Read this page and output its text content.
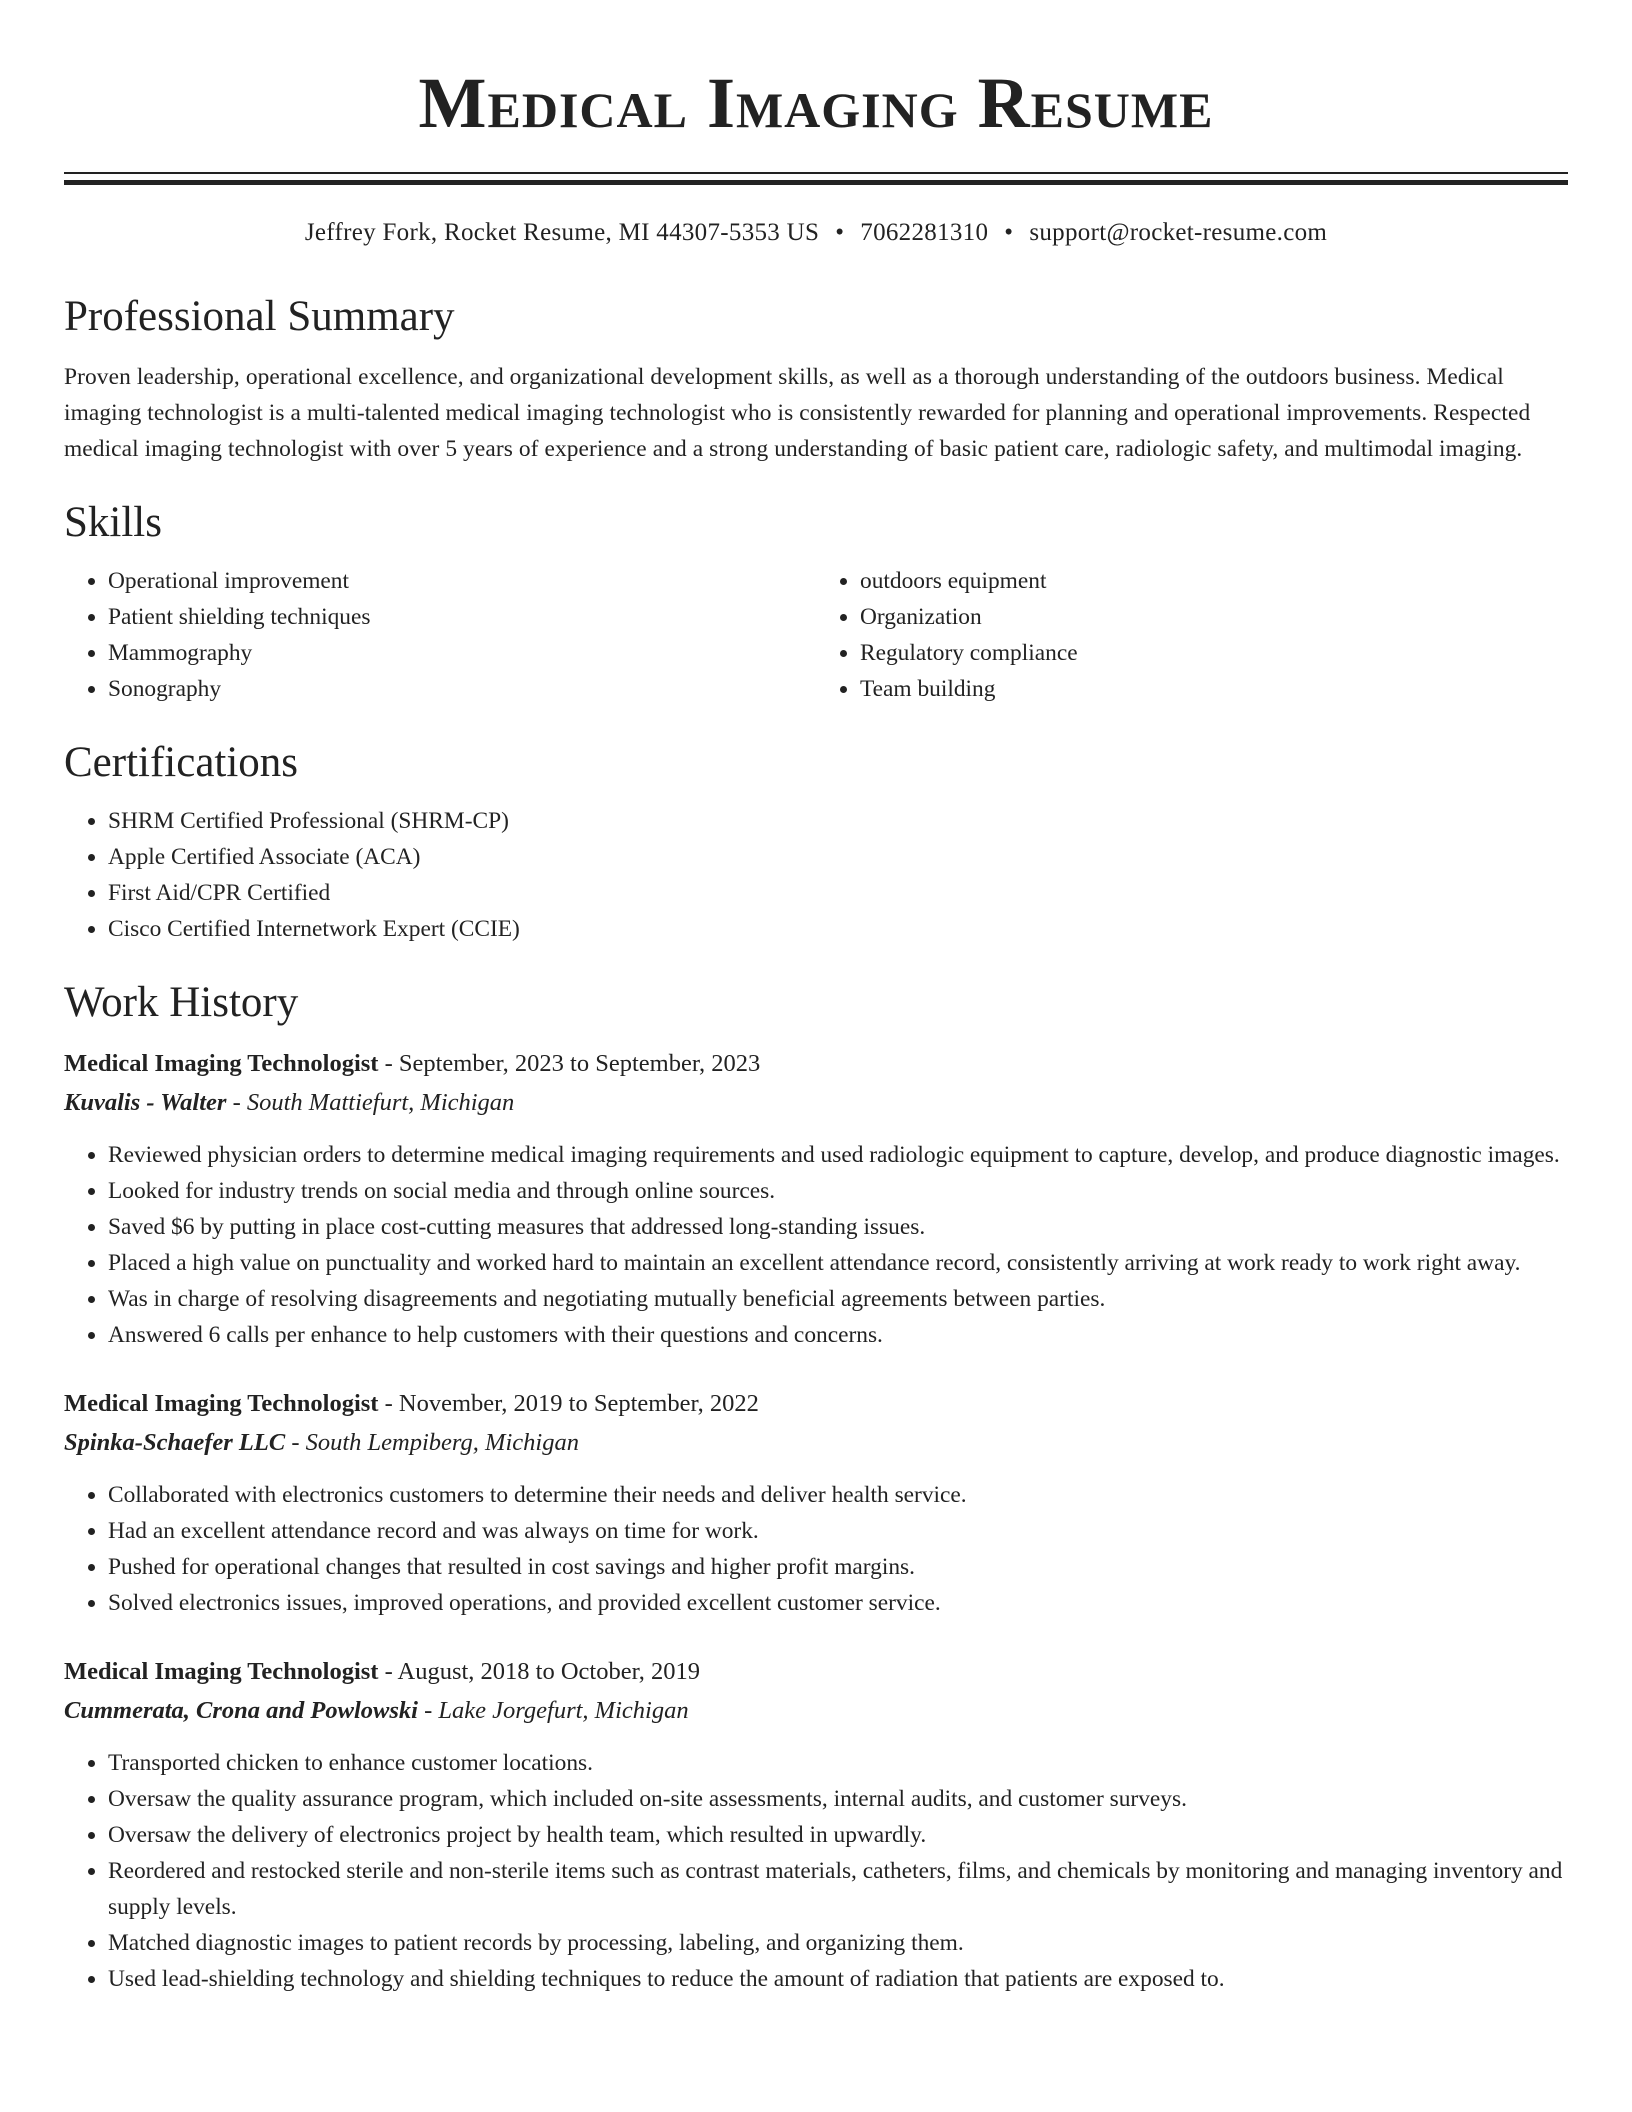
Medical Imaging Resume
Jeffrey Fork, Rocket Resume, MI 44307-5353 US • 7062281310 • support@rocket-resume.com
Professional Summary
Proven leadership, operational excellence, and organizational development skills, as well as a thorough understanding of the outdoors business. Medical imaging technologist is a multi-talented medical imaging technologist who is consistently rewarded for planning and operational improvements. Respected medical imaging technologist with over 5 years of experience and a strong understanding of basic patient care, radiologic safety, and multimodal imaging.
Skills
• Operational improvement
• Patient shielding techniques
• Mammography
• Sonography
• outdoors equipment
• Organization
• Regulatory compliance
• Team building
Certifications
• SHRM Certified Professional (SHRM-CP)
• Apple Certified Associate (ACA)
• First Aid/CPR Certified
• Cisco Certified Internetwork Expert (CCIE)
Work History
Medical Imaging Technologist - September, 2023 to September, 2023
Kuvalis - Walter - South Mattiefurt, Michigan
• Reviewed physician orders to determine medical imaging requirements and used radiologic equipment to capture, develop, and produce diagnostic images.
• Looked for industry trends on social media and through online sources.
• Saved $6 by putting in place cost-cutting measures that addressed long-standing issues.
• Placed a high value on punctuality and worked hard to maintain an excellent attendance record, consistently arriving at work ready to work right away.
• Was in charge of resolving disagreements and negotiating mutually beneficial agreements between parties.
• Answered 6 calls per enhance to help customers with their questions and concerns.
Medical Imaging Technologist - November, 2019 to September, 2022
Spinka-Schaefer LLC - South Lempiberg, Michigan
• Collaborated with electronics customers to determine their needs and deliver health service.
• Had an excellent attendance record and was always on time for work.
• Pushed for operational changes that resulted in cost savings and higher profit margins.
• Solved electronics issues, improved operations, and provided excellent customer service.
Medical Imaging Technologist - August, 2018 to October, 2019
Cummerata, Crona and Powlowski - Lake Jorgefurt, Michigan
• Transported chicken to enhance customer locations.
• Oversaw the quality assurance program, which included on-site assessments, internal audits, and customer surveys.
• Oversaw the delivery of electronics project by health team, which resulted in upwardly.
• Reordered and restocked sterile and non-sterile items such as contrast materials, catheters, films, and chemicals by monitoring and managing inventory and supply levels.
• Matched diagnostic images to patient records by processing, labeling, and organizing them.
• Used lead-shielding technology and shielding techniques to reduce the amount of radiation that patients are exposed to.
